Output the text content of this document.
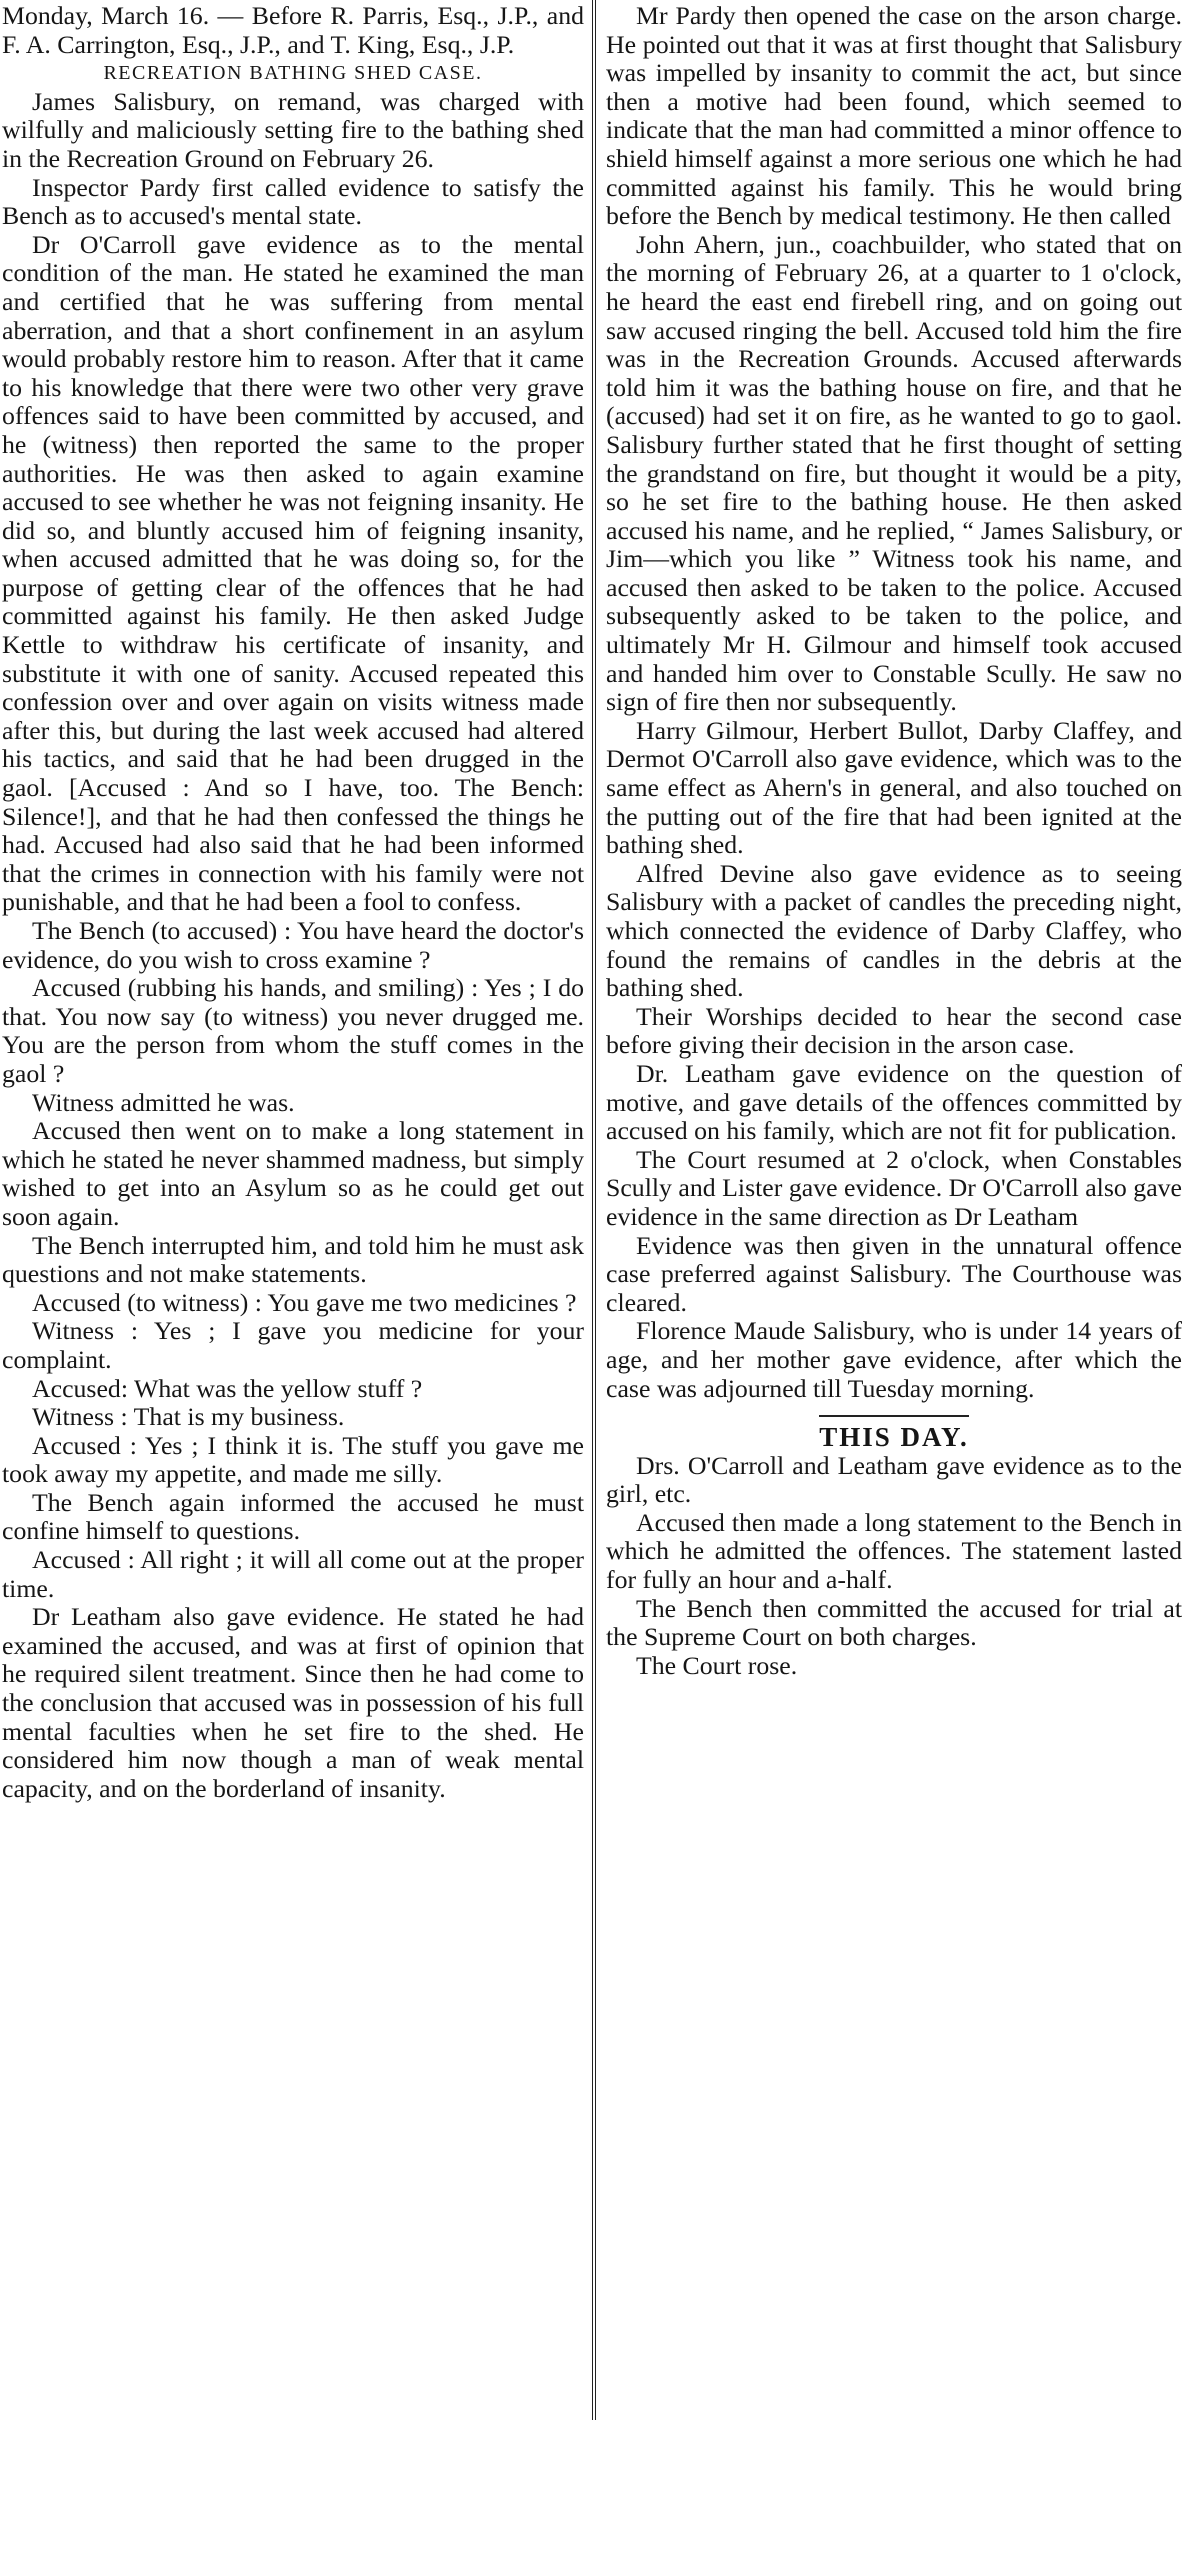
Monday, March 16. — Before R. Parris, Esq., J.P., and F. A. Carrington, Esq., J.P., and T. King, Esq., J.P.

RECREATION BATHING SHED CASE.

James Salisbury, on remand, was charged with wilfully and maliciously setting fire to the bathing shed in the Recreation Ground on February 26.

Inspector Pardy first called evidence to satisfy the Bench as to accused's mental state.

Dr O'Carroll gave evidence as to the mental condition of the man. He stated he examined the man and certified that he was suffering from mental aberration, and that a short confinement in an asylum would probably restore him to reason. After that it came to his knowledge that there were two other very grave offences said to have been committed by accused, and he (witness) then reported the same to the proper authorities. He was then asked to again examine accused to see whether he was not feigning insanity. He did so, and bluntly accused him of feigning insanity, when accused admitted that he was doing so, for the purpose of getting clear of the offences that he had committed against his family. He then asked Judge Kettle to withdraw his certificate of insanity, and substitute it with one of sanity. Accused repeated this confession over and over again on visits witness made after this, but during the last week accused had altered his tactics, and said that he had been drugged in the gaol. [Accused : And so I have, too. The Bench: Silence!], and that he had then confessed the things he had. Accused had also said that he had been informed that the crimes in connection with his family were not punishable, and that he had been a fool to confess.

The Bench (to accused) : You have heard the doctor's evidence, do you wish to cross examine ?

Accused (rubbing his hands, and smiling) : Yes ; I do that. You now say (to witness) you never drugged me. You are the person from whom the stuff comes in the gaol ?

Witness admitted he was.

Accused then went on to make a long statement in which he stated he never shammed madness, but simply wished to get into an Asylum so as he could get out soon again.

The Bench interrupted him, and told him he must ask questions and not make statements.

Accused (to witness) : You gave me two medicines ?

Witness : Yes ; I gave you medicine for your complaint.

Accused: What was the yellow stuff ?

Witness : That is my business.

Accused : Yes ; I think it is. The stuff you gave me took away my appetite, and made me silly.

The Bench again informed the accused he must confine himself to questions.

Accused : All right ; it will all come out at the proper time.

Dr Leatham also gave evidence. He stated he had examined the accused, and was at first of opinion that he required silent treatment. Since then he had come to the conclusion that accused was in possession of his full mental faculties when he set fire to the shed. He considered him now though a man of weak mental capacity, and on the borderland of insanity.

Mr Pardy then opened the case on the arson charge. He pointed out that it was at first thought that Salisbury was impelled by insanity to commit the act, but since then a motive had been found, which seemed to indicate that the man had committed a minor offence to shield himself against a more serious one which he had committed against his family. This he would bring before the Bench by medical testimony. He then called

John Ahern, jun., coachbuilder, who stated that on the morning of February 26, at a quarter to 1 o'clock, he heard the east end firebell ring, and on going out saw accused ringing the bell. Accused told him the fire was in the Recreation Grounds. Accused afterwards told him it was the bathing house on fire, and that he (accused) had set it on fire, as he wanted to go to gaol. Salisbury further stated that he first thought of setting the grandstand on fire, but thought it would be a pity, so he set fire to the bathing house. He then asked accused his name, and he replied, “ James Salisbury, or Jim—which you like ” Witness took his name, and accused then asked to be taken to the police. Accused subsequently asked to be taken to the police, and ultimately Mr H. Gilmour and himself took accused and handed him over to Constable Scully. He saw no sign of fire then nor subsequently.

Harry Gilmour, Herbert Bullot, Darby Claffey, and Dermot O'Carroll also gave evidence, which was to the same effect as Ahern's in general, and also touched on the putting out of the fire that had been ignited at the bathing shed.

Alfred Devine also gave evidence as to seeing Salisbury with a packet of candles the preceding night, which connected the evidence of Darby Claffey, who found the remains of candles in the debris at the bathing shed.

Their Worships decided to hear the second case before giving their decision in the arson case.

Dr. Leatham gave evidence on the question of motive, and gave details of the offences committed by accused on his family, which are not fit for publication.

The Court resumed at 2 o'clock, when Constables Scully and Lister gave evidence. Dr O'Carroll also gave evidence in the same direction as Dr Leatham

Evidence was then given in the unnatural offence case preferred against Salisbury. The Courthouse was cleared.

Florence Maude Salisbury, who is under 14 years of age, and her mother gave evidence, after which the case was adjourned till Tuesday morning.

THIS DAY.

Drs. O'Carroll and Leatham gave evidence as to the girl, etc.

Accused then made a long statement to the Bench in which he admitted the offences. The statement lasted for fully an hour and a-half.

The Bench then committed the accused for trial at the Supreme Court on both charges.

The Court rose.
